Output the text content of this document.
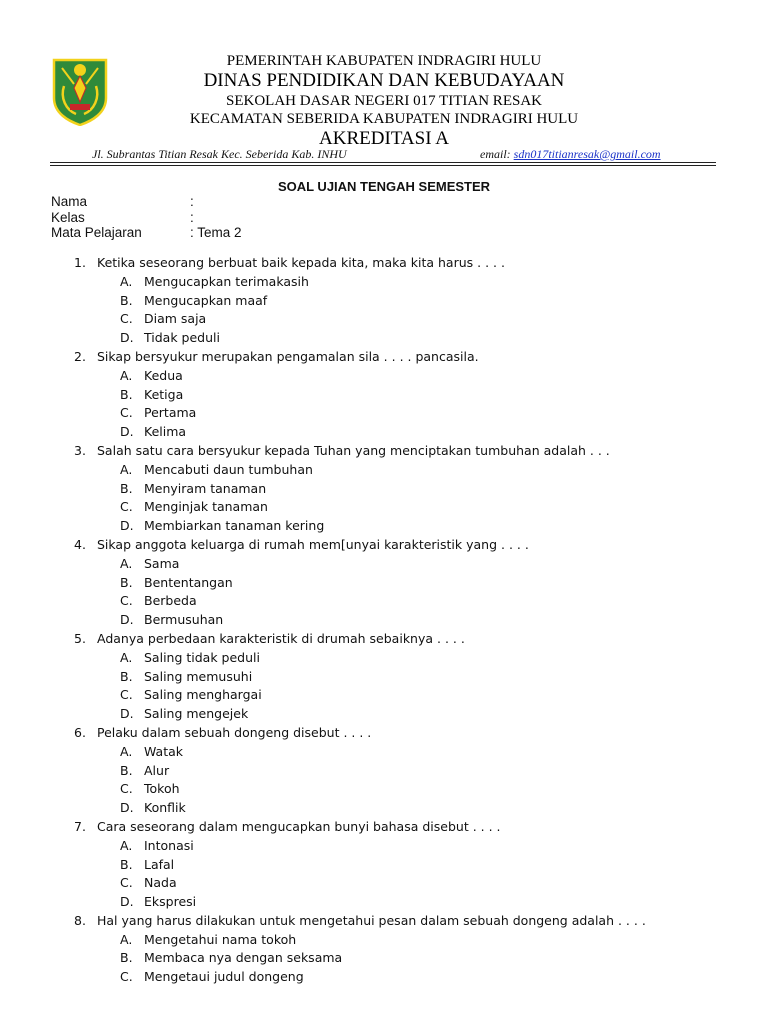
PEMERINTAH KABUPATEN INDRAGIRI HULU
DINAS PENDIDIKAN DAN KEBUDAYAAN
SEKOLAH DASAR NEGERI 017 TITIAN RESAK
KECAMATAN SEBERIDA KABUPATEN INDRAGIRI HULU
AKREDITASI A
Jl. Subrantas Titian Resak Kec. Seberida Kab. INHU	email: sdn017titianresak@gmail.com
SOAL UJIAN TENGAH SEMESTER
Nama	:
Kelas	:
Mata Pelajaran	: Tema 2
1. Ketika seseorang berbuat baik kepada kita, maka kita harus . . . .
A. Mengucapkan terimakasih
B. Mengucapkan maaf
C. Diam saja
D. Tidak peduli
2. Sikap bersyukur merupakan pengamalan sila . . . . pancasila.
A. Kedua
B. Ketiga
C. Pertama
D. Kelima
3. Salah satu cara bersyukur kepada Tuhan yang menciptakan tumbuhan adalah . . .
A. Mencabuti daun tumbuhan
B. Menyiram tanaman
C. Menginjak tanaman
D. Membiarkan tanaman kering
4. Sikap anggota keluarga di rumah mem[unyai karakteristik yang . . . .
A. Sama
B. Bententangan
C. Berbeda
D. Bermusuhan
5. Adanya perbedaan karakteristik di drumah sebaiknya . . . .
A. Saling tidak peduli
B. Saling memusuhi
C. Saling menghargai
D. Saling mengejek
6. Pelaku dalam sebuah dongeng disebut . . . .
A. Watak
B. Alur
C. Tokoh
D. Konflik
7. Cara seseorang dalam mengucapkan bunyi bahasa disebut . . . .
A. Intonasi
B. Lafal
C. Nada
D. Ekspresi
8. Hal yang harus dilakukan untuk mengetahui pesan dalam sebuah dongeng adalah . . . .
A. Mengetahui nama tokoh
B. Membaca nya dengan seksama
C. Mengetaui judul dongeng
